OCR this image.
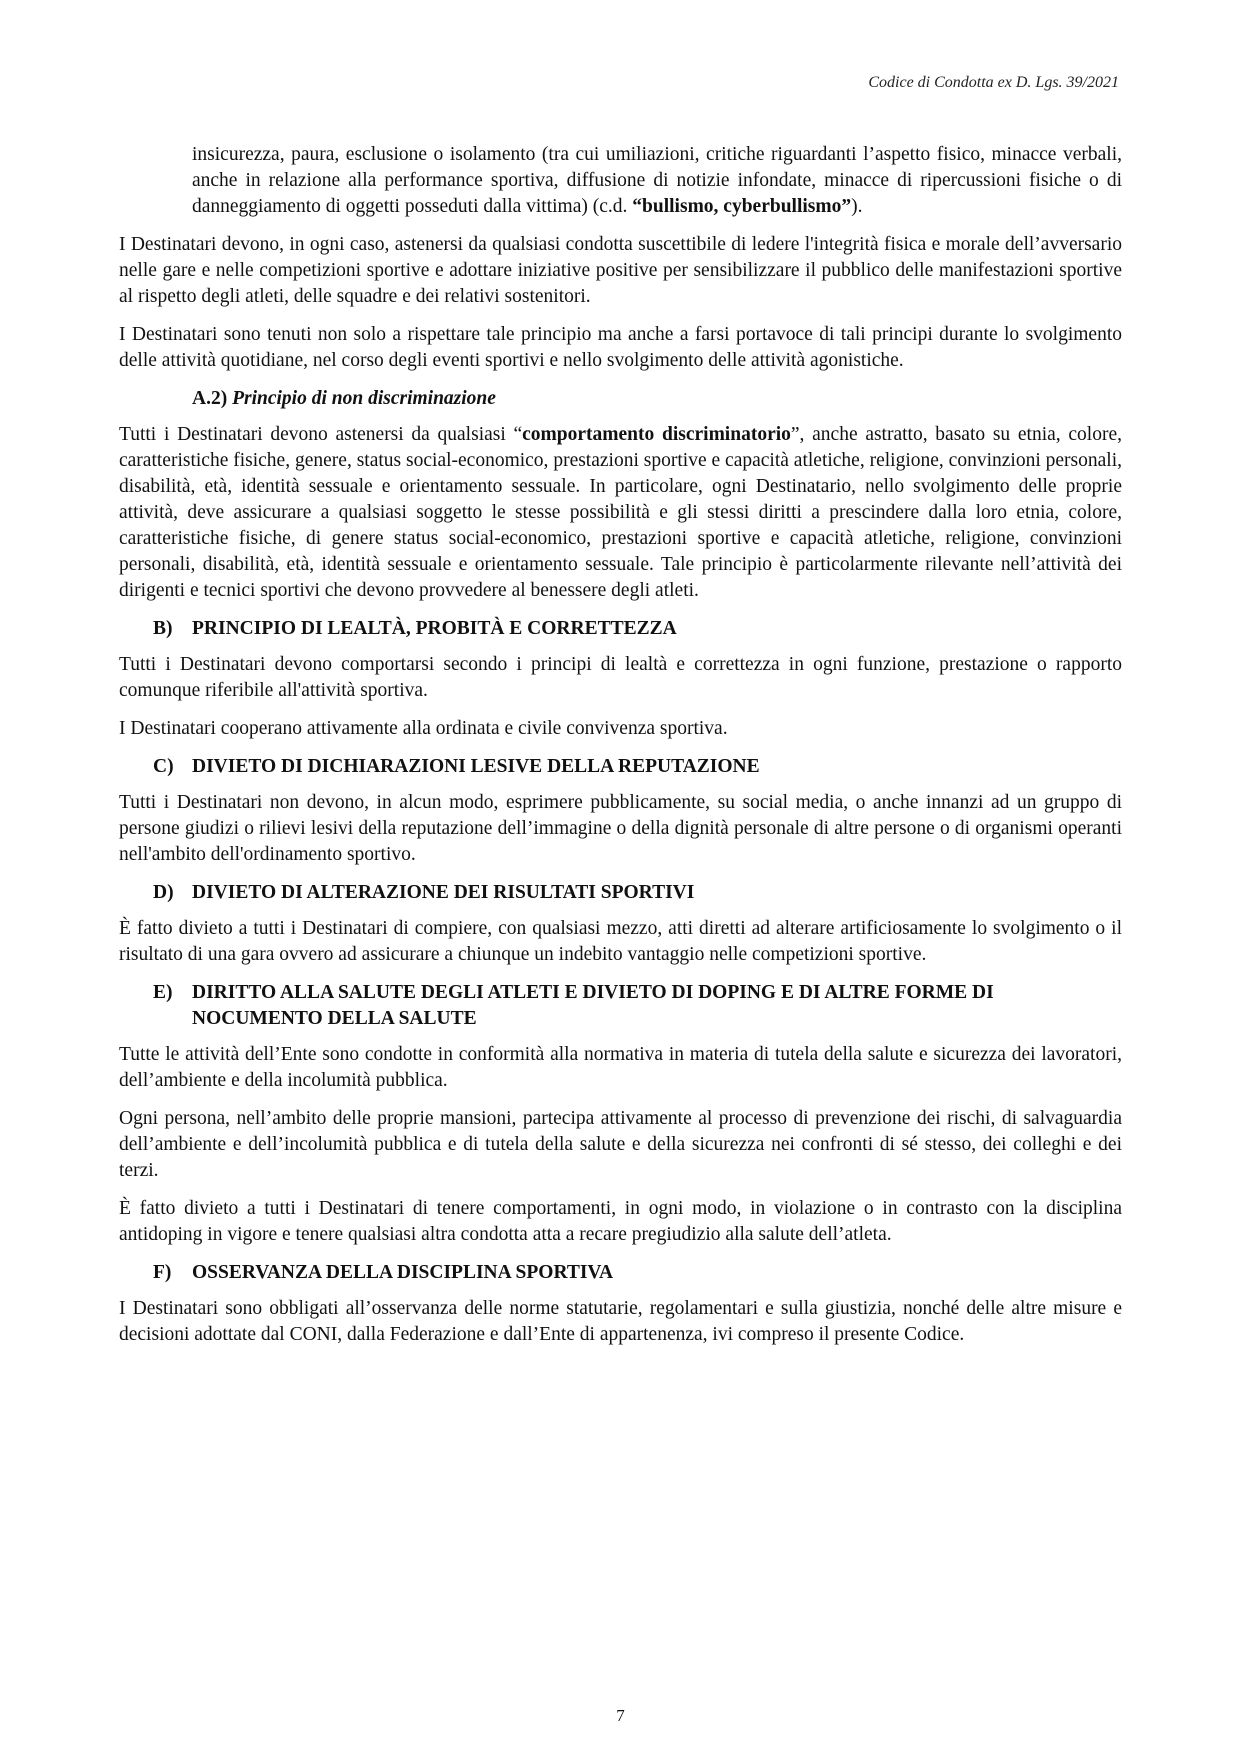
Codice di Condotta ex D. Lgs. 39/2021

insicurezza, paura, esclusione o isolamento (tra cui umiliazioni, critiche riguardanti l’aspetto fisico, minacce verbali, anche in relazione alla performance sportiva, diffusione di notizie infondate, minacce di ripercussioni fisiche o di danneggiamento di oggetti posseduti dalla vittima) (c.d. “bullismo, cyberbullismo”).

I Destinatari devono, in ogni caso, astenersi da qualsiasi condotta suscettibile di ledere l'integrità fisica e morale dell’avversario nelle gare e nelle competizioni sportive e adottare iniziative positive per sensibilizzare il pubblico delle manifestazioni sportive al rispetto degli atleti, delle squadre e dei relativi sostenitori.

I Destinatari sono tenuti non solo a rispettare tale principio ma anche a farsi portavoce di tali principi durante lo svolgimento delle attività quotidiane, nel corso degli eventi sportivi e nello svolgimento delle attività agonistiche.

A.2) Principio di non discriminazione

Tutti i Destinatari devono astenersi da qualsiasi “comportamento discriminatorio”, anche astratto, basato su etnia, colore, caratteristiche fisiche, genere, status social-economico, prestazioni sportive e capacità atletiche, religione, convinzioni personali, disabilità, età, identità sessuale e orientamento sessuale. In particolare, ogni Destinatario, nello svolgimento delle proprie attività, deve assicurare a qualsiasi soggetto le stesse possibilità e gli stessi diritti a prescindere dalla loro etnia, colore, caratteristiche fisiche, di genere status social-economico, prestazioni sportive e capacità atletiche, religione, convinzioni personali, disabilità, età, identità sessuale e orientamento sessuale. Tale principio è particolarmente rilevante nell’attività dei dirigenti e tecnici sportivi che devono provvedere al benessere degli atleti.

B)	PRINCIPIO DI LEALTÀ, PROBITÀ E CORRETTEZZA

Tutti i Destinatari devono comportarsi secondo i principi di lealtà e correttezza in ogni funzione, prestazione o rapporto comunque riferibile all'attività sportiva.

I Destinatari cooperano attivamente alla ordinata e civile convivenza sportiva.

C) DIVIETO DI DICHIARAZIONI LESIVE DELLA REPUTAZIONE

Tutti i Destinatari non devono, in alcun modo, esprimere pubblicamente, su social media, o anche innanzi ad un gruppo di persone giudizi o rilievi lesivi della reputazione dell’immagine o della dignità personale di altre persone o di organismi operanti nell'ambito dell'ordinamento sportivo.

D) DIVIETO DI ALTERAZIONE DEI RISULTATI SPORTIVI

È fatto divieto a tutti i Destinatari di compiere, con qualsiasi mezzo, atti diretti ad alterare artificiosamente lo svolgimento o il risultato di una gara ovvero ad assicurare a chiunque un indebito vantaggio nelle competizioni sportive.

E)	DIRITTO ALLA SALUTE DEGLI ATLETI E DIVIETO DI DOPING E DI ALTRE FORME DI NOCUMENTO DELLA SALUTE

Tutte le attività dell’Ente sono condotte in conformità alla normativa in materia di tutela della salute e sicurezza dei lavoratori, dell’ambiente e della incolumità pubblica.

Ogni persona, nell’ambito delle proprie mansioni, partecipa attivamente al processo di prevenzione dei rischi, di salvaguardia dell’ambiente e dell’incolumità pubblica e di tutela della salute e della sicurezza nei confronti di sé stesso, dei colleghi e dei terzi.

È fatto divieto a tutti i Destinatari di tenere comportamenti, in ogni modo, in violazione o in contrasto con la disciplina antidoping in vigore e tenere qualsiasi altra condotta atta a recare pregiudizio alla salute dell’atleta.

F)	OSSERVANZA DELLA DISCIPLINA SPORTIVA

I Destinatari sono obbligati all’osservanza delle norme statutarie, regolamentari e sulla giustizia, nonché delle altre misure e decisioni adottate dal CONI, dalla Federazione e dall’Ente di appartenenza, ivi compreso il presente Codice.

7
